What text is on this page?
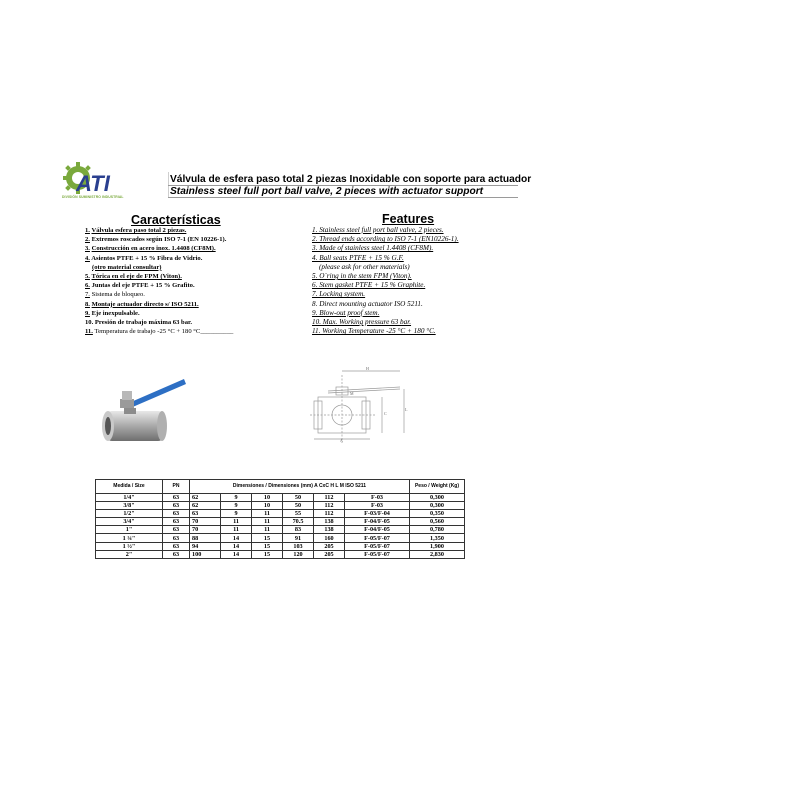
ATI
DIVISIÓN SUMINISTRO INDUSTRIAL
Válvula de esfera paso total 2 piezas Inoxidable con soporte para actuador
Stainless steel full port ball valve, 2 pieces with actuator support
Características
1. Válvula esfera paso total 2 piezas.
2. Extremos roscados según ISO 7-1 (EN 10226-1).
3. Construcción en acero inox. 1.4408 (CF8M).
4. Asientos PTFE + 15 % Fibra de Vidrio.
(otro material consultar)
5. Tórica en el eje de FPM (Viton).
6. Juntas del eje PTFE + 15 % Grafito.
7. Sistema de bloqueo.
8. Montaje actuador directo s/ ISO 5211.
9. Eje inexpulsable.
10. Presión de trabajo máxima 63 bar.
11. Temperatura de trabajo -25 °C + 180 °C__________
Features
1. Stainless steel full port ball valve, 2 pieces.
2. Thread ends according to ISO 7-1 (EN10226-1).
3. Made of stainless steel 1.4408 (CF8M).
4. Ball seats PTFE + 15 % G.F.
(please ask for other materials)
5. O´ring in the stem FPM (Viton).
6. Stem gasket PTFE + 15 % Graphite.
7. Locking system.
8. Direct mounting actuator ISO 5211.
9. Blow-out proof stem.
10. Max. Working pressure 63 bar.
11. Working Temperature -25 °C + 180 °C.
H
A
C
L
M
Medida / Size	PN	Dimensiones / Dimensiones (mm) A CxC H L M ISO 5211						Peso / Weight (Kg)
1/4"	63	62	9	10	50	112	F-03	0,300
3/8"	63	62	9	10	50	112	F-03	0,300
1/2"	63	63	9	11	55	112	F-03/F-04	0,350
3/4"	63	70	11	11	70.5	138	F-04/F-05	0,560
1"	63	70	11	11	83	138	F-04/F-05	0,780
1 ¼"	63	88	14	15	91	160	F-05/F-07	1,350
1 ½"	63	94	14	15	103	205	F-05/F-07	1,900
2"	63	100	14	15	120	205	F-05/F-07	2,830
